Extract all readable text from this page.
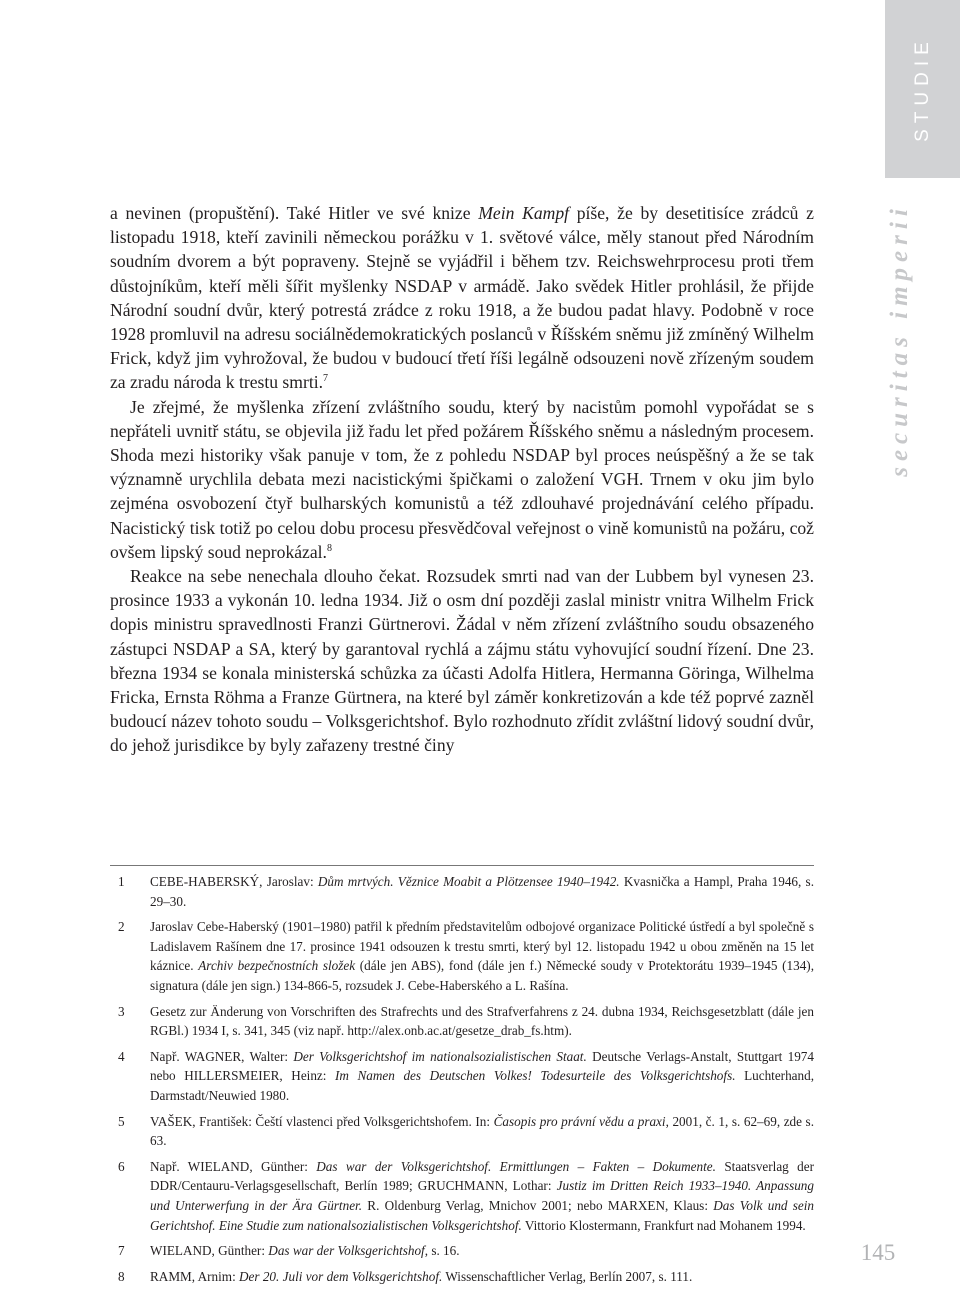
STUDIE
securitas imperii

a nevinen (propuštění). Také Hitler ve své knize Mein Kampf píše, že by desetitisíce zrádců z listopadu 1918, kteří zavinili německou porážku v 1. světové válce, měly stanout před Národním soudním dvorem a být popraveny. Stejně se vyjádřil i během tzv. Reichswehrprocesu proti třem důstojníkům, kteří měli šířit myšlenky NSDAP v armádě. Jako svědek Hitler prohlásil, že přijde Národní soudní dvůr, který potrestá zrádce z roku 1918, a že budou padat hlavy. Podobně v roce 1928 promluvil na adresu sociálnědemokratických poslanců v Říšském sněmu již zmíněný Wilhelm Frick, když jim vyhrožoval, že budou v budoucí třetí říši legálně odsouzeni nově zřízeným soudem za zradu národa k trestu smrti.$^7$

Je zřejmé, že myšlenka zřízení zvláštního soudu, který by nacistům pomohl vypořádat se s nepřáteli uvnitř státu, se objevila již řadu let před požárem Říšského sněmu a následným procesem. Shoda mezi historiky však panuje v tom, že z pohledu NSDAP byl proces neúspěšný a že se tak významně urychlila debata mezi nacistickými špičkami o založení VGH. Trnem v oku jim bylo zejména osvobození čtyř bulharských komunistů a též zdlouhavé projednávání celého případu. Nacistický tisk totiž po celou dobu procesu přesvědčoval veřejnost o vině komunistů na požáru, což ovšem lipský soud neprokázal.$^8$

Reakce na sebe nenechala dlouho čekat. Rozsudek smrti nad van der Lubbem byl vynesen 23. prosince 1933 a vykonán 10. ledna 1934. Již o osm dní později zaslal ministr vnitra Wilhelm Frick dopis ministru spravedlnosti Franzi Gürtnerovi. Žádal v něm zřízení zvláštního soudu obsazeného zástupci NSDAP a SA, který by garantoval rychlá a zájmu státu vyhovující soudní řízení. Dne 23. března 1934 se konala ministerská schůzka za účasti Adolfa Hitlera, Hermanna Göringa, Wilhelma Fricka, Ernsta Röhma a Franze Gürtnera, na které byl záměr konkretizován a kde též poprvé zazněl budoucí název tohoto soudu – Volksgerichtshof. Bylo rozhodnuto zřídit zvláštní lidový soudní dvůr, do jehož jurisdikce by byly zařazeny trestné činy

1	CEBE-HABERSKÝ, Jaroslav: Dům mrtvých. Věznice Moabit a Plötzensee 1940–1942. Kvasnička a Hampl, Praha 1946, s. 29–30.
2	Jaroslav Cebe-Haberský (1901–1980) patřil k předním představitelům odbojové organizace Politické ústředí a byl společně s Ladislavem Rašínem dne 17. prosince 1941 odsouzen k trestu smrti, který byl 12. listopadu 1942 u obou změněn na 15 let káznice. Archiv bezpečnostních složek (dále jen ABS), fond (dále jen f.) Německé soudy v Protektorátu 1939–1945 (134), signatura (dále jen sign.) 134-866-5, rozsudek J. Cebe-Haberského a L. Rašína.
3	Gesetz zur Änderung von Vorschriften des Strafrechts und des Strafverfahrens z 24. dubna 1934, Reichsgesetzblatt (dále jen RGBl.) 1934 I, s. 341, 345 (viz např. http://alex.onb.ac.at/gesetze_drab_fs.htm).
4	Např. WAGNER, Walter: Der Volksgerichtshof im nationalsozialistischen Staat. Deutsche Verlags-Anstalt, Stuttgart 1974 nebo HILLERSMEIER, Heinz: Im Namen des Deutschen Volkes! Todesurteile des Volksgerichtshofs. Luchterhand, Darmstadt/Neuwied 1980.
5	VAŠEK, František: Čeští vlastenci před Volksgerichtshofem. In: Časopis pro právní vědu a praxi, 2001, č. 1, s. 62–69, zde s. 63.
6	Např. WIELAND, Günther: Das war der Volksgerichtshof. Ermittlungen – Fakten – Dokumente. Staatsverlag der DDR/Centauru-Verlagsgesellschaft, Berlín 1989; GRUCHMANN, Lothar: Justiz im Dritten Reich 1933–1940. Anpassung und Unterwerfung in der Ära Gürtner. R. Oldenburg Verlag, Mnichov 2001; nebo MARXEN, Klaus: Das Volk und sein Gerichtshof. Eine Studie zum nationalsozialistischen Volksgerichtshof. Vittorio Klostermann, Frankfurt nad Mohanem 1994.
7	WIELAND, Günther: Das war der Volksgerichtshof, s. 16.
8	RAMM, Arnim: Der 20. Juli vor dem Volksgerichtshof. Wissenschaftlicher Verlag, Berlín 2007, s. 111.
145
